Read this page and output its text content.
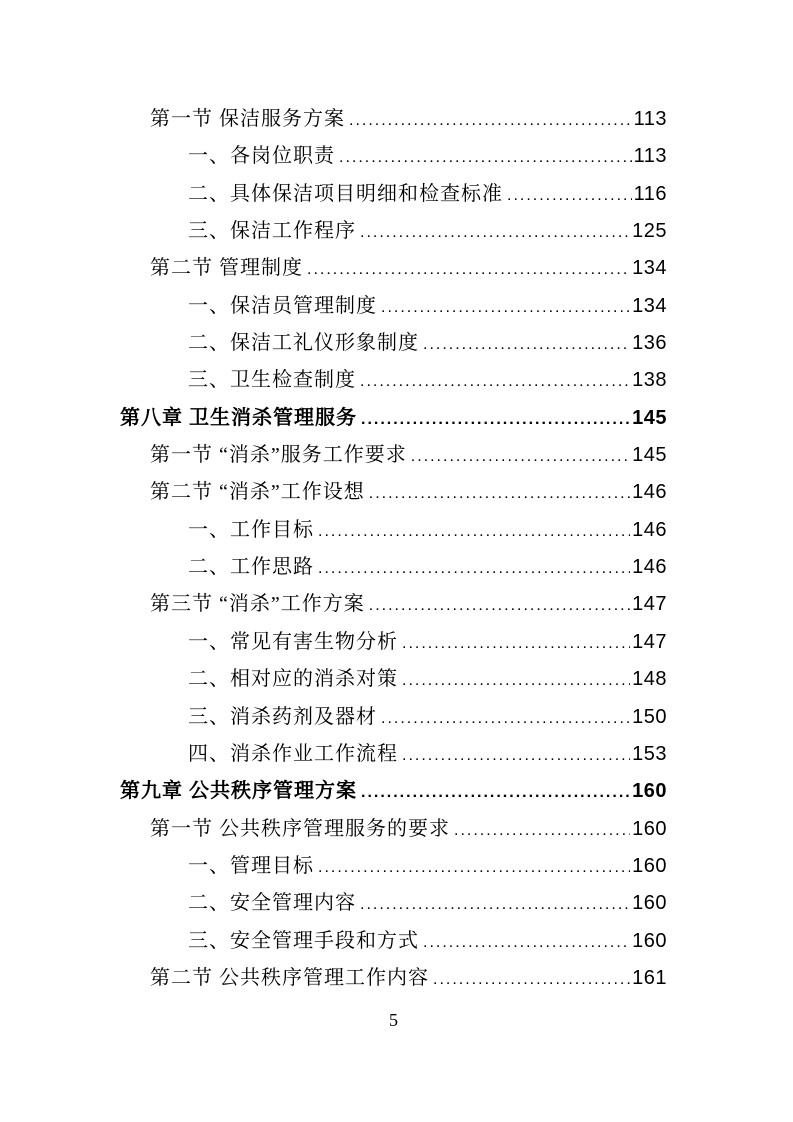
第一节 保洁服务方案 .....	113
一、各岗位职责 .....	113
二、具体保洁项目明细和检查标准 .....	116
三、保洁工作程序 .....	125
第二节 管理制度 .....	134
一、保洁员管理制度 .....	134
二、保洁工礼仪形象制度 .....	136
三、卫生检查制度 .....	138
第八章 卫生消杀管理服务 .....	145
第一节 “消杀”服务工作要求 .....	145
第二节 “消杀”工作设想 .....	146
一、工作目标 .....	146
二、工作思路 .....	146
第三节 “消杀”工作方案 .....	147
一、常见有害生物分析 .....	147
二、相对应的消杀对策 .....	148
三、消杀药剂及器材 .....	150
四、消杀作业工作流程 .....	153
第九章 公共秩序管理方案 .....	160
第一节 公共秩序管理服务的要求 .....	160
一、管理目标 .....	160
二、安全管理内容 .....	160
三、安全管理手段和方式 .....	160
第二节 公共秩序管理工作内容 .....	161
5
